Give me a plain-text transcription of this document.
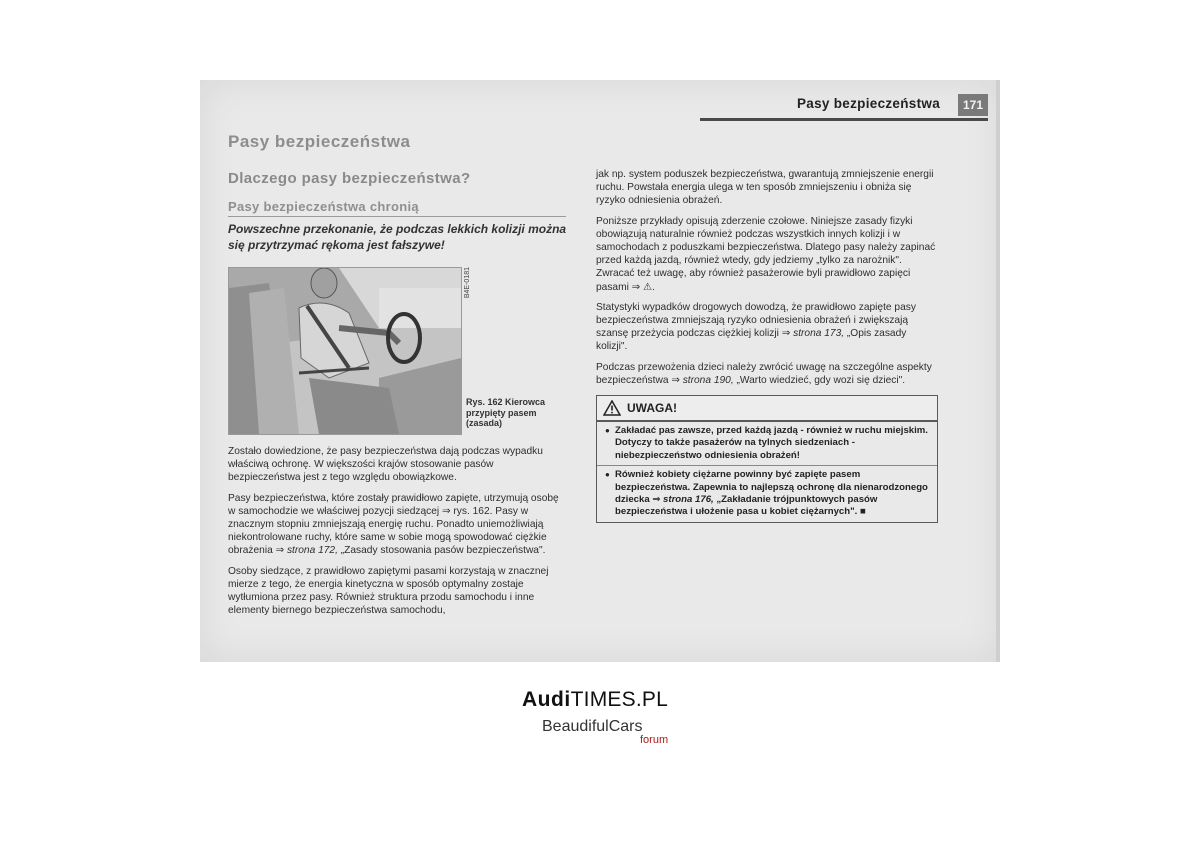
Pasy bezpieczeństwa	171
Pasy bezpieczeństwa
Dlaczego pasy bezpieczeństwa?
Pasy bezpieczeństwa chronią
Powszechne przekonanie, że podczas lekkich kolizji można się przytrzymać rękoma jest fałszywe!
B4E-0181
Rys. 162 Kierowca przypięty pasem (zasada)

Zostało dowiedzione, że pasy bezpieczeństwa dają podczas wypadku właściwą ochronę. W większości krajów stosowanie pasów bezpieczeństwa jest z tego względu obowiązkowe.

Pasy bezpieczeństwa, które zostały prawidłowo zapięte, utrzymują osobę w samochodzie we właściwej pozycji siedzącej ⇒ rys. 162. Pasy w znacznym stopniu zmniejszają energię ruchu. Ponadto uniemożliwiają niekontrolowane ruchy, które same w sobie mogą spowodować ciężkie obrażenia ⇒ strona 172, „Zasady stosowania pasów bezpieczeństwa".

Osoby siedzące, z prawidłowo zapiętymi pasami korzystają w znacznej mierze z tego, że energia kinetyczna w sposób optymalny zostaje wytłumiona przez pasy. Również struktura przodu samochodu i inne elementy biernego bezpieczeństwa samochodu,

jak np. system poduszek bezpieczeństwa, gwarantują zmniejszenie energii ruchu. Powstała energia ulega w ten sposób zmniejszeniu i obniża się ryzyko odniesienia obrażeń.

Poniższe przykłady opisują zderzenie czołowe. Niniejsze zasady fizyki obowiązują naturalnie również podczas wszystkich innych kolizji i w samochodach z poduszkami bezpieczeństwa. Dlatego pasy należy zapinać przed każdą jazdą, również wtedy, gdy jedziemy „tylko za narożnik". Zwracać też uwagę, aby również pasażerowie byli prawidłowo zapięci pasami ⇒ ⚠.

Statystyki wypadków drogowych dowodzą, że prawidłowo zapięte pasy bezpieczeństwa zmniejszają ryzyko odniesienia obrażeń i zwiększają szansę przeżycia podczas ciężkiej kolizji ⇒ strona 173, „Opis zasady kolizji".

Podczas przewożenia dzieci należy zwrócić uwagę na szczególne aspekty bezpieczeństwa ⇒ strona 190, „Warto wiedzieć, gdy wozi się dzieci".

UWAGA!
● Zakładać pas zawsze, przed każdą jazdą - również w ruchu miejskim. Dotyczy to także pasażerów na tylnych siedzeniach - niebezpieczeństwo odniesienia obrażeń!
● Również kobiety ciężarne powinny być zapięte pasem bezpieczeństwa. Zapewnia to najlepszą ochronę dla nienarodzonego dziecka ⇒ strona 176, „Zakładanie trójpunktowych pasów bezpieczeństwa i ułożenie pasa u kobiet ciężarnych". ■
AudiTIMES.PL
BeaudifulCars
forum
